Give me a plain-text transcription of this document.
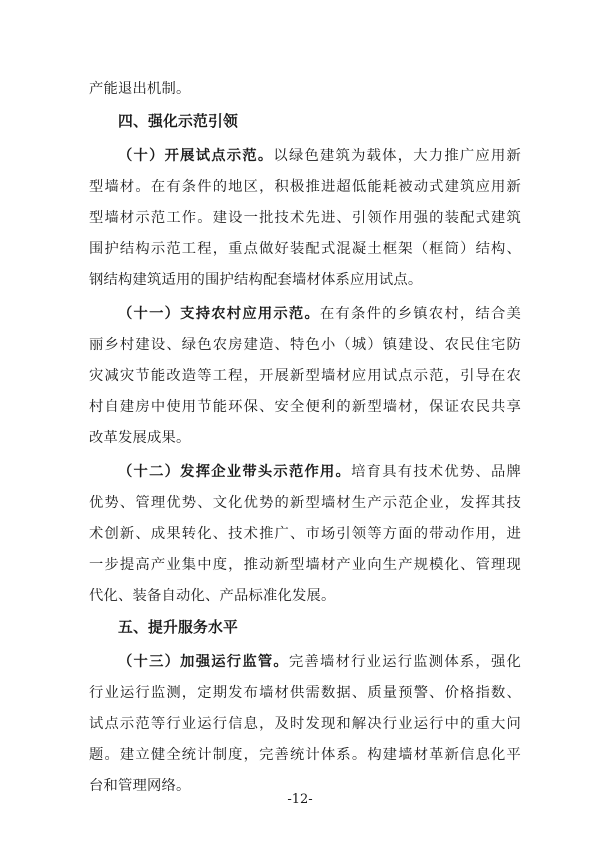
产能退出机制。
四、强化示范引领
（十）开展试点示范。以绿色建筑为载体，大力推广应用新
型墙材。在有条件的地区，积极推进超低能耗被动式建筑应用新
型墙材示范工作。建设一批技术先进、引领作用强的装配式建筑
围护结构示范工程，重点做好装配式混凝土框架（框筒）结构、
钢结构建筑适用的围护结构配套墙材体系应用试点。
（十一）支持农村应用示范。在有条件的乡镇农村，结合美
丽乡村建设、绿色农房建造、特色小（城）镇建设、农民住宅防
灾减灾节能改造等工程，开展新型墙材应用试点示范，引导在农
村自建房中使用节能环保、安全便利的新型墙材，保证农民共享
改革发展成果。
（十二）发挥企业带头示范作用。培育具有技术优势、品牌
优势、管理优势、文化优势的新型墙材生产示范企业，发挥其技
术创新、成果转化、技术推广、市场引领等方面的带动作用，进
一步提高产业集中度，推动新型墙材产业向生产规模化、管理现
代化、装备自动化、产品标准化发展。
五、提升服务水平
（十三）加强运行监管。完善墙材行业运行监测体系，强化
行业运行监测，定期发布墙材供需数据、质量预警、价格指数、
试点示范等行业运行信息，及时发现和解决行业运行中的重大问
题。建立健全统计制度，完善统计体系。构建墙材革新信息化平
台和管理网络。
-12-
